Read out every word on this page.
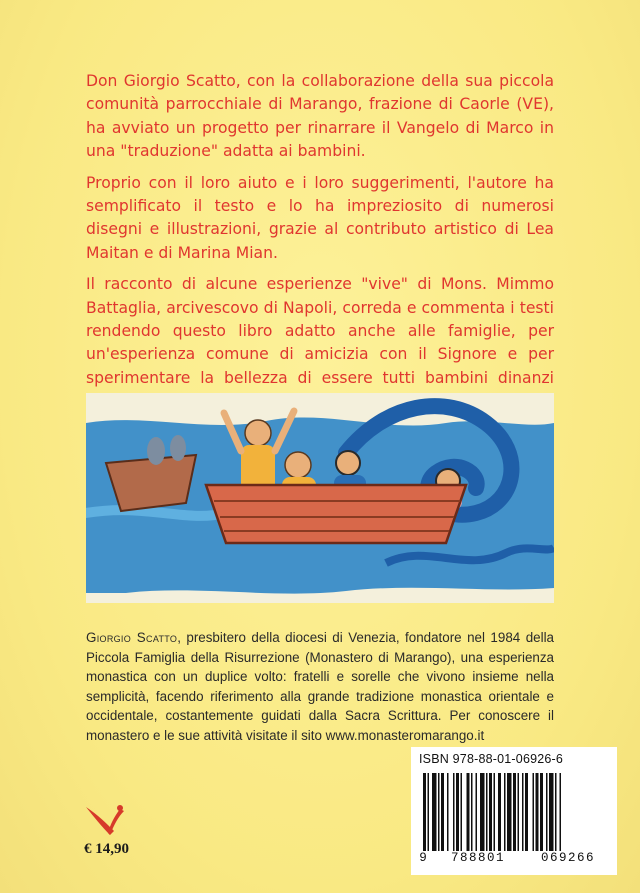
Don Giorgio Scatto, con la collaborazione della sua piccola comunità parrocchiale di Marango, frazione di Caorle (VE), ha avviato un progetto per rinarrare il Vangelo di Marco in una "traduzione" adatta ai bambini.

Proprio con il loro aiuto e i loro suggerimenti, l'autore ha semplificato il testo e lo ha impreziosito di numerosi disegni e illustrazioni, grazie al contributo artistico di Lea Maitan e di Marina Mian.

Il racconto di alcune esperienze "vive" di Mons. Mimmo Battaglia, arcivescovo di Napoli, correda e commenta i testi rendendo questo libro adatto anche alle famiglie, per un'esperienza comune di amicizia con il Signore e per sperimentare la bellezza di essere tutti bambini dinanzi

Giorgio Scatto, presbitero della diocesi di Venezia, fondatore nel 1984 della Piccola Famiglia della Risurrezione (Monastero di Marango), una esperienza monastica con un duplice volto: fratelli e sorelle che vivono insieme nella semplicità, facendo riferimento alla grande tradizione monastica orientale e occidentale, costantemente guidati dalla Sacra Scrittura. Per conoscere il monastero e le sue attività visitate il sito www.monasteromarango.it
€ 14,90
ISBN 978-88-01-06926-6
9	788801	069266
